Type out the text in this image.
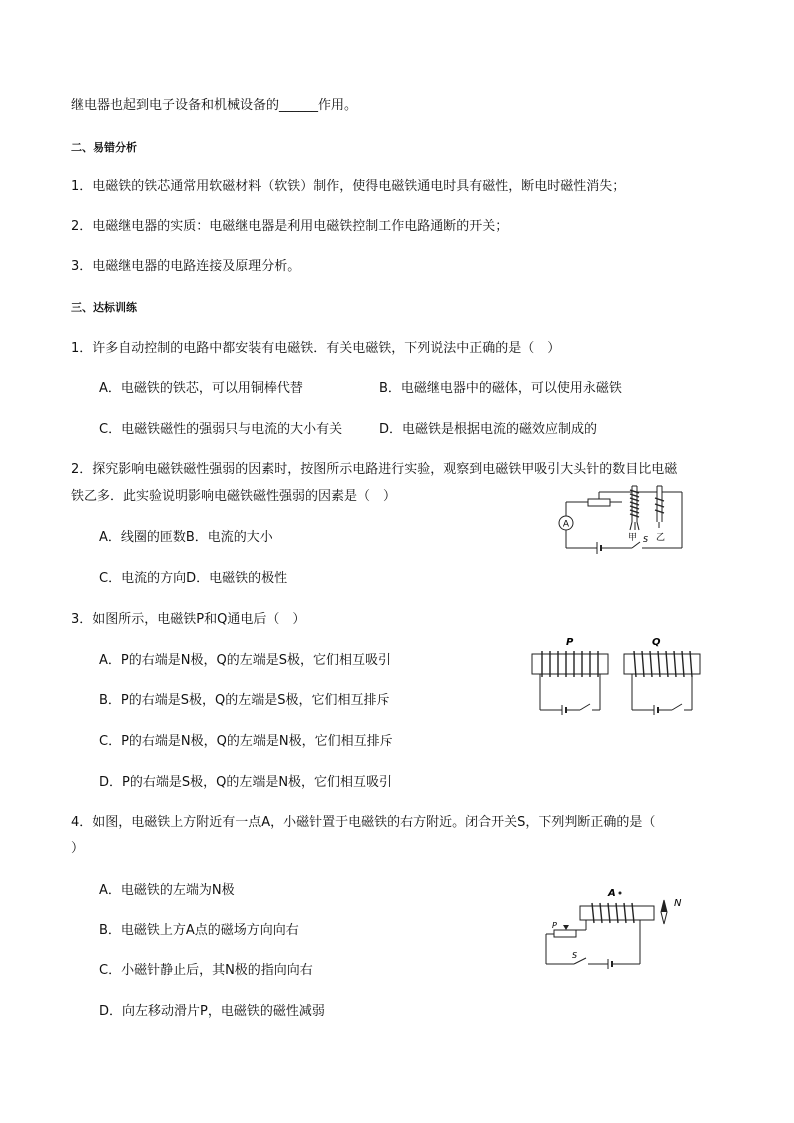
继电器也起到电子设备和机械设备的______作用。
二、易错分析
1．电磁铁的铁芯通常用软磁材料（软铁）制作，使得电磁铁通电时具有磁性，断电时磁性消失；
2．电磁继电器的实质：电磁继电器是利用电磁铁控制工作电路通断的开关；
3．电磁继电器的电路连接及原理分析。
三、达标训练
1．许多自动控制的电路中都安装有电磁铁．有关电磁铁，下列说法中正确的是（　）
A．电磁铁的铁芯，可以用铜棒代替	B．电磁继电器中的磁体，可以使用永磁铁
C．电磁铁磁性的强弱只与电流的大小有关	D．电磁铁是根据电流的磁效应制成的
2．探究影响电磁铁磁性强弱的因素时，按图所示电路进行实验，观察到电磁铁甲吸引大头针的数目比电磁
铁乙多．此实验说明影响电磁铁磁性强弱的因素是（　）
A．线圈的匝数B．电流的大小
C．电流的方向D．电磁铁的极性
A
甲 S 乙
3．如图所示，电磁铁P和Q通电后（　）
A．P的右端是N极，Q的左端是S极，它们相互吸引
B．P的右端是S极，Q的左端是S极，它们相互排斥
C．P的右端是N极，Q的左端是N极，它们相互排斥
D．P的右端是S极，Q的左端是N极，它们相互吸引
P	Q
4．如图，电磁铁上方附近有一点A，小磁针置于电磁铁的右方附近。闭合开关S，下列判断正确的是（
）
A．电磁铁的左端为N极
B．电磁铁上方A点的磁场方向向右
C．小磁针静止后，其N极的指向向右
D．向左移动滑片P，电磁铁的磁性减弱
A
N
P
S
